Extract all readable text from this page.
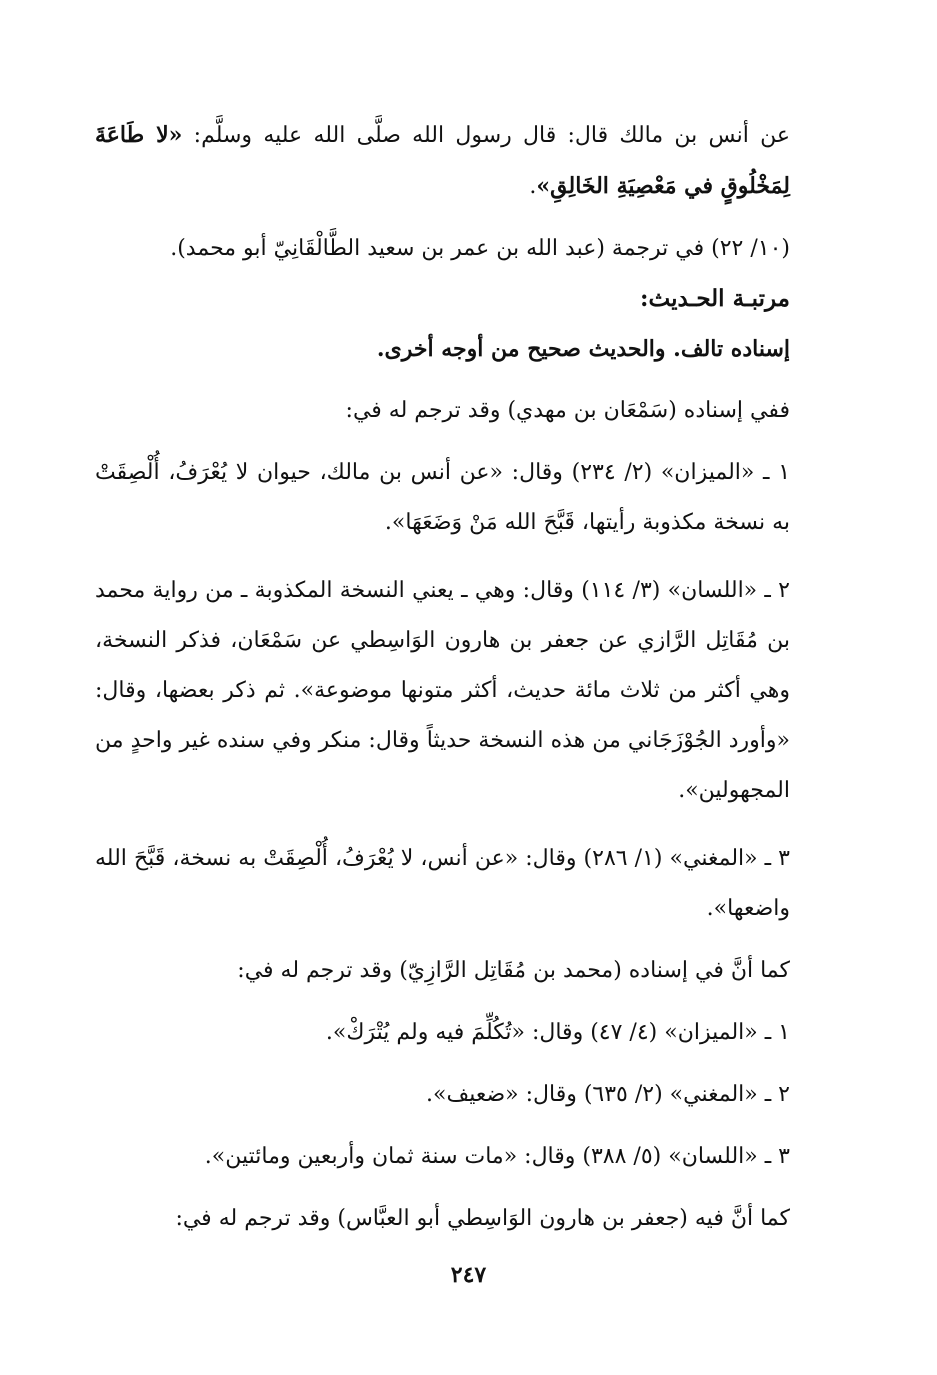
عن أنس بن مالك قال: قال رسول الله صلَّى الله عليه وسلَّم: «لا طَاعَةَ لِمَخْلُوقٍ في مَعْصِيَةِ الخَالِقِ».

(١٠/ ٢٢) في ترجمة (عبد الله بن عمر بن سعيد الطَّالْقَانِيّ أبو محمد).

مرتبـة الحـديث:

إسناده تالف. والحديث صحيح من أوجه أخرى.

ففي إسناده (سَمْعَان بن مهدي) وقد ترجم له في:

١ ـ «الميزان» (٢/ ٢٣٤) وقال: «عن أنس بن مالك، حيوان لا يُعْرَفُ، أُلْصِقَتْ به نسخة مكذوبة رأيتها، قَبَّحَ الله مَنْ وَضَعَهَا».

٢ ـ «اللسان» (٣/ ١١٤) وقال: وهي ـ يعني النسخة المكذوبة ـ من رواية محمد بن مُقَاتِل الرَّازي عن جعفر بن هارون الوَاسِطي عن سَمْعَان، فذكر النسخة، وهي أكثر من ثلاث مائة حديث، أكثر متونها موضوعة». ثم ذكر بعضها، وقال: «وأورد الجُوْزَجَاني من هذه النسخة حديثاً وقال: منكر وفي سنده غير واحدٍ من المجهولين».

٣ ـ «المغني» (١/ ٢٨٦) وقال: «عن أنس، لا يُعْرَفُ، أُلْصِقَتْ به نسخة، قَبَّحَ الله واضعها».

كما أنَّ في إسناده (محمد بن مُقَاتِل الرَّازِيّ) وقد ترجم له في:

١ ـ «الميزان» (٤/ ٤٧) وقال: «تُكُلِّمَ فيه ولم يُتْرَكْ».

٢ ـ «المغني» (٢/ ٦٣٥) وقال: «ضعيف».

٣ ـ «اللسان» (٥/ ٣٨٨) وقال: «مات سنة ثمان وأربعين ومائتين».

كما أنَّ فيه (جعفر بن هارون الوَاسِطي أبو العبَّاس) وقد ترجم له في:

٢٤٧
